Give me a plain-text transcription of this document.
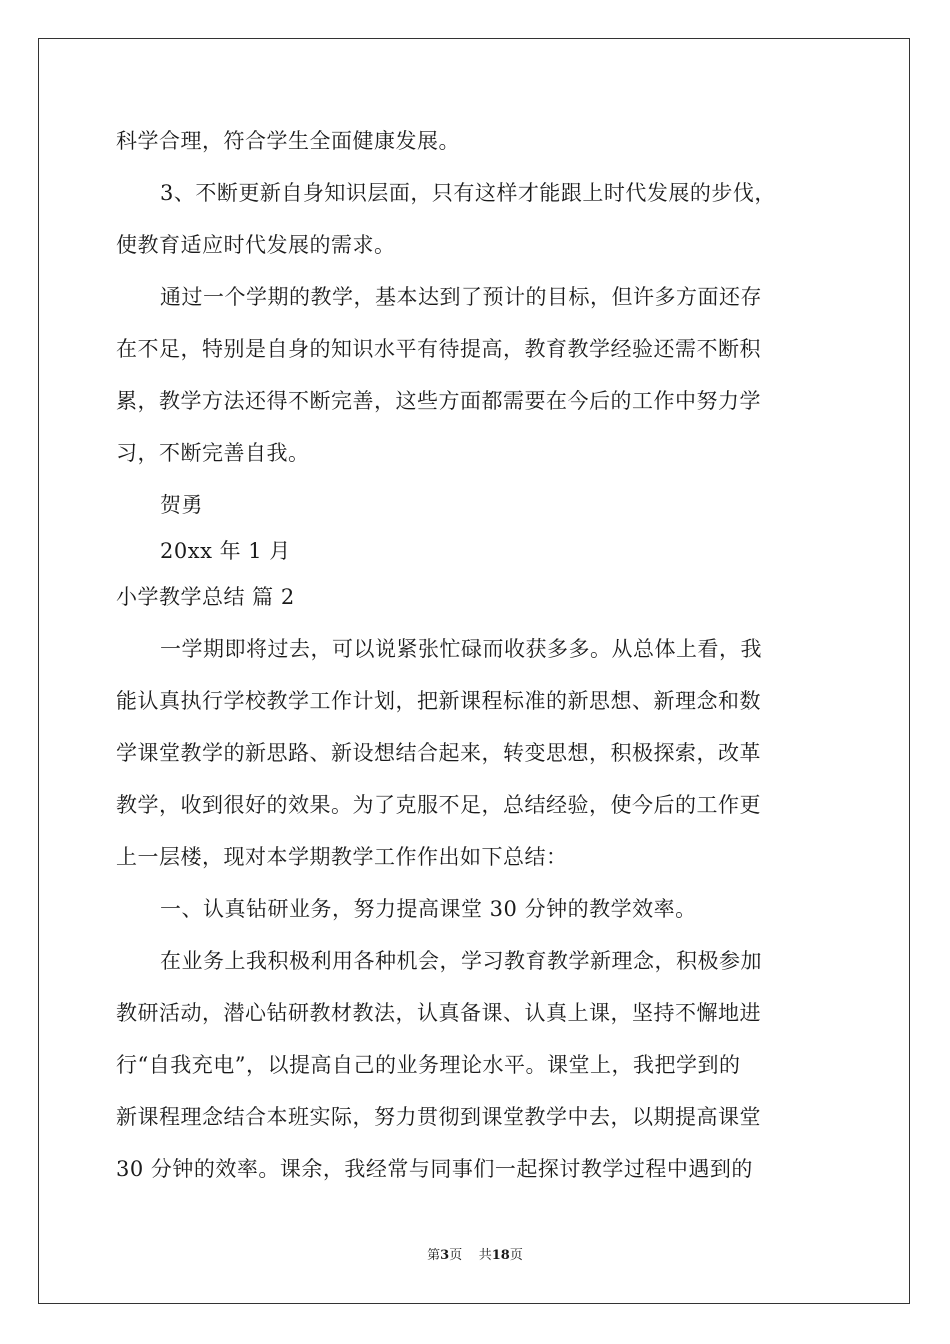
科学合理，符合学生全面健康发展。
3、不断更新自身知识层面，只有这样才能跟上时代发展的步伐，
使教育适应时代发展的需求。
通过一个学期的教学，基本达到了预计的目标，但许多方面还存
在不足，特别是自身的知识水平有待提高，教育教学经验还需不断积
累，教学方法还得不断完善，这些方面都需要在今后的工作中努力学
习，不断完善自我。
贺勇
20xx 年 1 月
小学教学总结 篇 2
一学期即将过去，可以说紧张忙碌而收获多多。从总体上看，我
能认真执行学校教学工作计划，把新课程标准的新思想、新理念和数
学课堂教学的新思路、新设想结合起来，转变思想，积极探索，改革
教学，收到很好的效果。为了克服不足，总结经验，使今后的工作更
上一层楼，现对本学期教学工作作出如下总结：
一、认真钻研业务，努力提高课堂 30 分钟的教学效率。
在业务上我积极利用各种机会，学习教育教学新理念，积极参加
教研活动，潜心钻研教材教法，认真备课、认真上课，坚持不懈地进
行“自我充电”，以提高自己的业务理论水平。课堂上，我把学到的
新课程理念结合本班实际，努力贯彻到课堂教学中去，以期提高课堂
30 分钟的效率。课余，我经常与同事们一起探讨教学过程中遇到的
第3页    共18页
